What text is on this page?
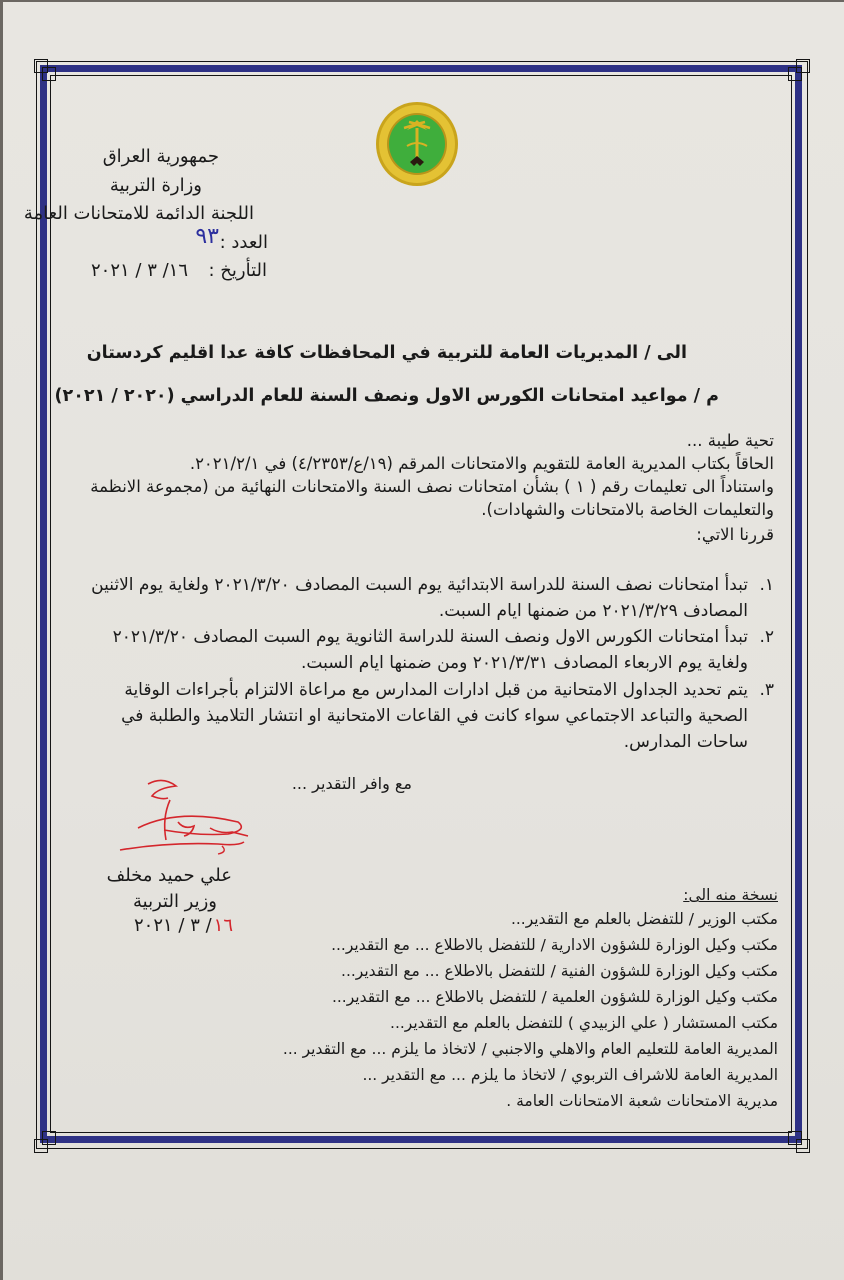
جمهورية العراق
وزارة التربية
اللجنة الدائمة للامتحانات العامة
العدد :
٩٣
التأريخ :
١٦/ ٣ / ٢٠٢١
الى / المديريات العامة للتربية في المحافظات كافة عدا اقليم كردستان
م / مواعيد امتحانات الكورس الاول ونصف السنة للعام الدراسي (٢٠٢٠ / ٢٠٢١)
تحية طيبة ...
الحاقاً بكتاب المديرية العامة للتقويم والامتحانات المرقم (١٩/ع/٤/٢٣٥٣) في ٢٠٢١/٢/١.
واستناداً الى تعليمات رقم ( ١ ) بشأن امتحانات نصف السنة والامتحانات النهائية من (مجموعة الانظمة
والتعليمات الخاصة بالامتحانات والشهادات).
قررنا الاتي:
١.
تبدأ امتحانات نصف السنة للدراسة الابتدائية يوم السبت المصادف ٢٠٢١/٣/٢٠ ولغاية يوم الاثنين
المصادف ٢٠٢١/٣/٢٩ من ضمنها ايام السبت.
٢.
تبدأ امتحانات الكورس الاول ونصف السنة للدراسة الثانوية يوم السبت المصادف ٢٠٢١/٣/٢٠
ولغاية يوم الاربعاء المصادف ٢٠٢١/٣/٣١ ومن ضمنها ايام السبت.
٣.
يتم تحديد الجداول الامتحانية من قبل ادارات المدارس مع مراعاة الالتزام بأجراءات الوقاية
الصحية والتباعد الاجتماعي سواء كانت في القاعات الامتحانية او انتشار التلاميذ والطلبة في
ساحات المدارس.
مع وافر التقدير ...
علي حميد مخلف
وزير التربية
١٦
/ ٣ / ٢٠٢١
نسخة منه الى:
مكتب الوزير / للتفضل بالعلم مع التقدير...
مكتب وكيل الوزارة للشؤون الادارية / للتفضل بالاطلاع ... مع التقدير...
مكتب وكيل الوزارة للشؤون الفنية / للتفضل بالاطلاع ... مع التقدير...
مكتب وكيل الوزارة للشؤون العلمية / للتفضل بالاطلاع ... مع التقدير...
مكتب المستشار ( علي الزبيدي ) للتفضل بالعلم مع التقدير...
المديرية العامة للتعليم العام والاهلي والاجنبي / لاتخاذ ما يلزم ... مع التقدير ...
المديرية العامة للاشراف التربوي / لاتخاذ ما يلزم ... مع التقدير ...
مديرية الامتحانات شعبة الامتحانات العامة .
